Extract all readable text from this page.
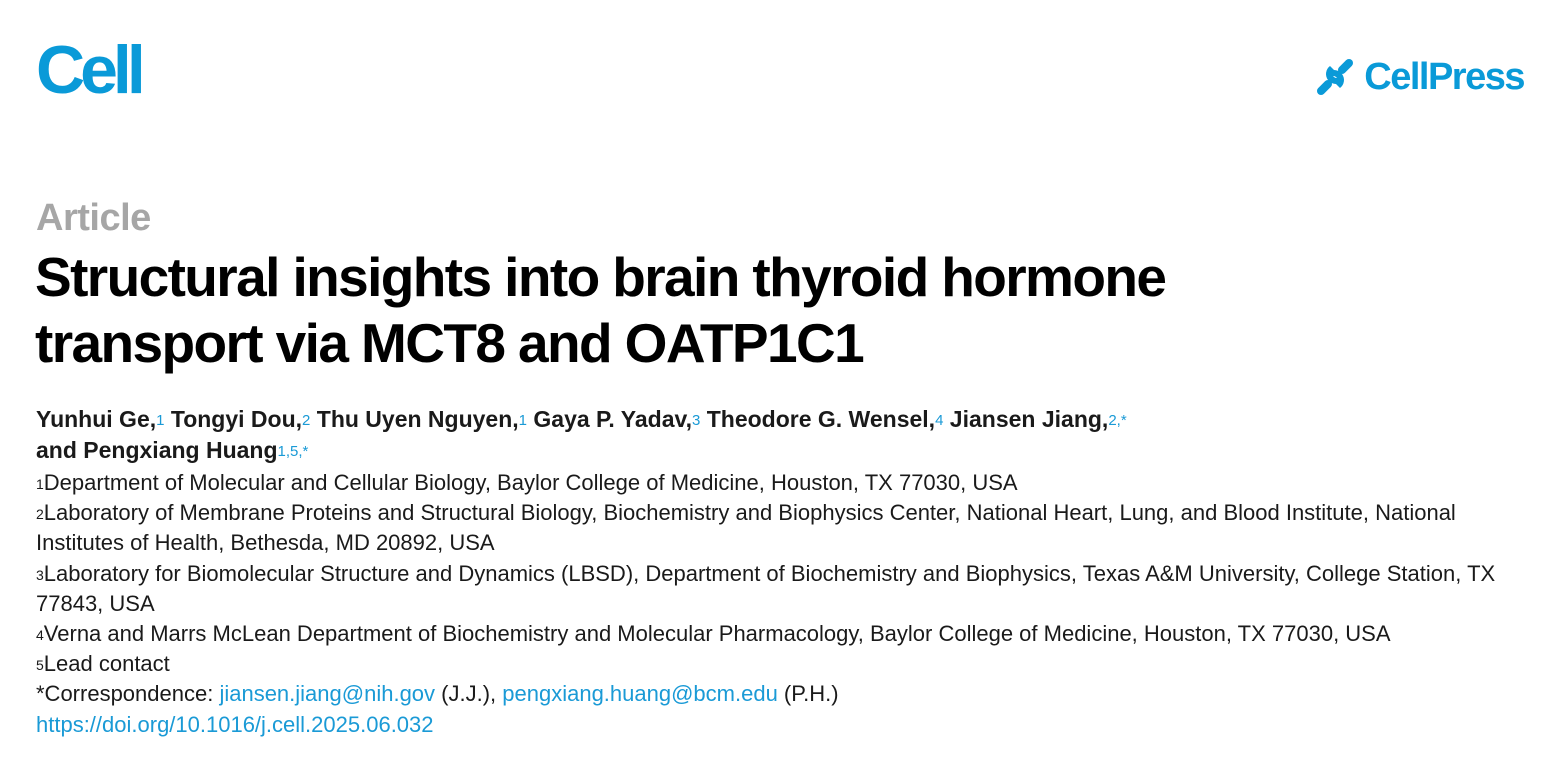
Cell	CellPress
Article
Structural insights into brain thyroid hormone
transport via MCT8 and OATP1C1
Yunhui Ge,$^1$ Tongyi Dou,$^2$ Thu Uyen Nguyen,$^1$ Gaya P. Yadav,$^3$ Theodore G. Wensel,$^4$ Jiansen Jiang,$^{2,*}$
and Pengxiang Huang$^{1,5,*}$
$^1$Department of Molecular and Cellular Biology, Baylor College of Medicine, Houston, TX 77030, USA
$^2$Laboratory of Membrane Proteins and Structural Biology, Biochemistry and Biophysics Center, National Heart, Lung, and Blood Institute, National Institutes of Health, Bethesda, MD 20892, USA
$^3$Laboratory for Biomolecular Structure and Dynamics (LBSD), Department of Biochemistry and Biophysics, Texas A&M University, College Station, TX 77843, USA
$^4$Verna and Marrs McLean Department of Biochemistry and Molecular Pharmacology, Baylor College of Medicine, Houston, TX 77030, USA
$^5$Lead contact
*Correspondence: jiansen.jiang@nih.gov (J.J.), pengxiang.huang@bcm.edu (P.H.)
https://doi.org/10.1016/j.cell.2025.06.032
